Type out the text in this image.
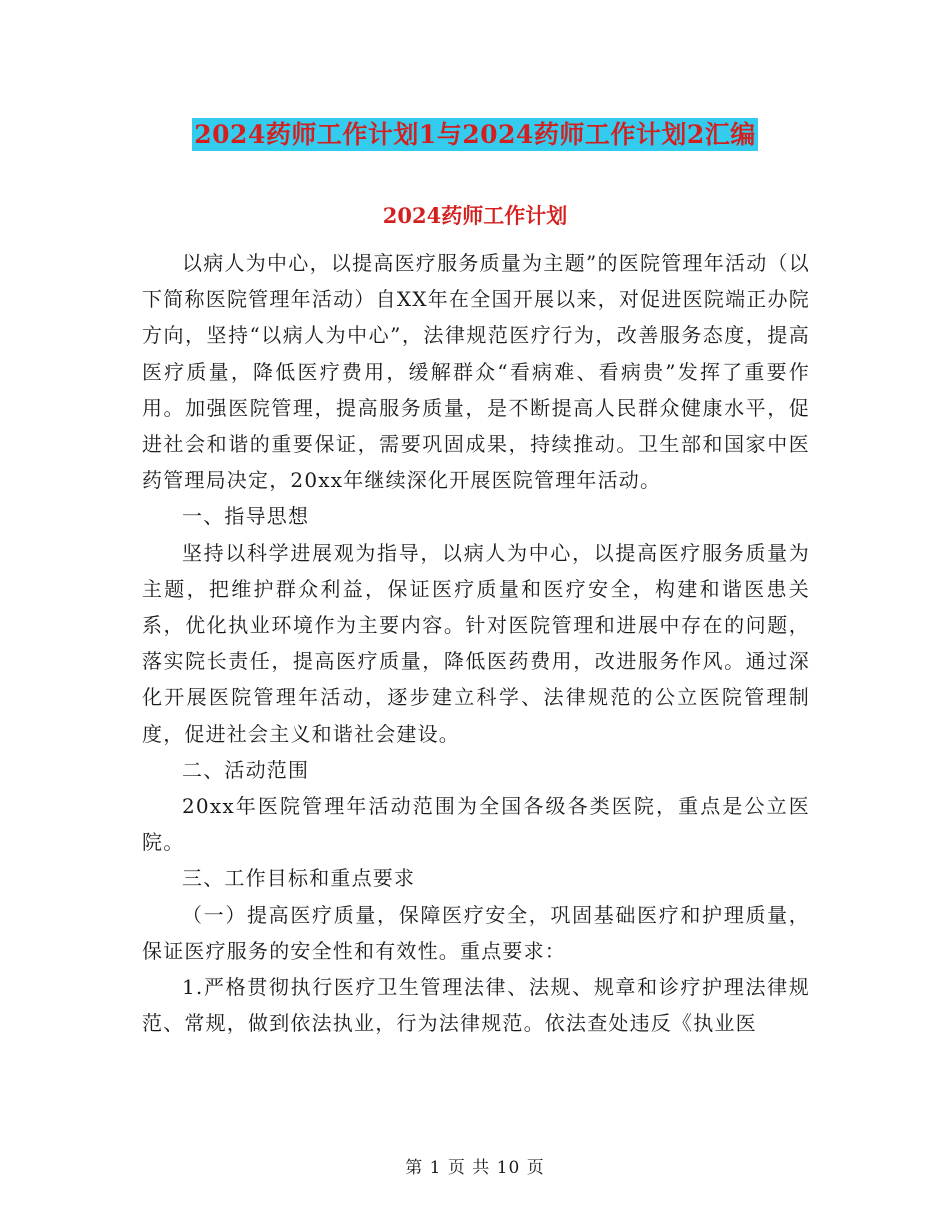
2024药师工作计划1与2024药师工作计划2汇编
2024药师工作计划

以病人为中心，以提高医疗服务质量为主题”的医院管理年活动（以下简称医院管理年活动）自XX年在全国开展以来，对促进医院端正办院方向，坚持“以病人为中心”，法律规范医疗行为，改善服务态度，提高医疗质量，降低医疗费用，缓解群众“看病难、看病贵”发挥了重要作用。加强医院管理，提高服务质量，是不断提高人民群众健康水平，促进社会和谐的重要保证，需要巩固成果，持续推动。卫生部和国家中医药管理局决定，20xx年继续深化开展医院管理年活动。

一、指导思想

坚持以科学进展观为指导，以病人为中心，以提高医疗服务质量为主题，把维护群众利益，保证医疗质量和医疗安全，构建和谐医患关系，优化执业环境作为主要内容。针对医院管理和进展中存在的问题，落实院长责任，提高医疗质量，降低医药费用，改进服务作风。通过深化开展医院管理年活动，逐步建立科学、法律规范的公立医院管理制度，促进社会主义和谐社会建设。

二、活动范围

20xx年医院管理年活动范围为全国各级各类医院，重点是公立医院。

三、工作目标和重点要求

（一）提高医疗质量，保障医疗安全，巩固基础医疗和护理质量，保证医疗服务的安全性和有效性。重点要求：

1.严格贯彻执行医疗卫生管理法律、法规、规章和诊疗护理法律规范、常规，做到依法执业，行为法律规范。依法查处违反《执业医

第 1 页 共 10 页
